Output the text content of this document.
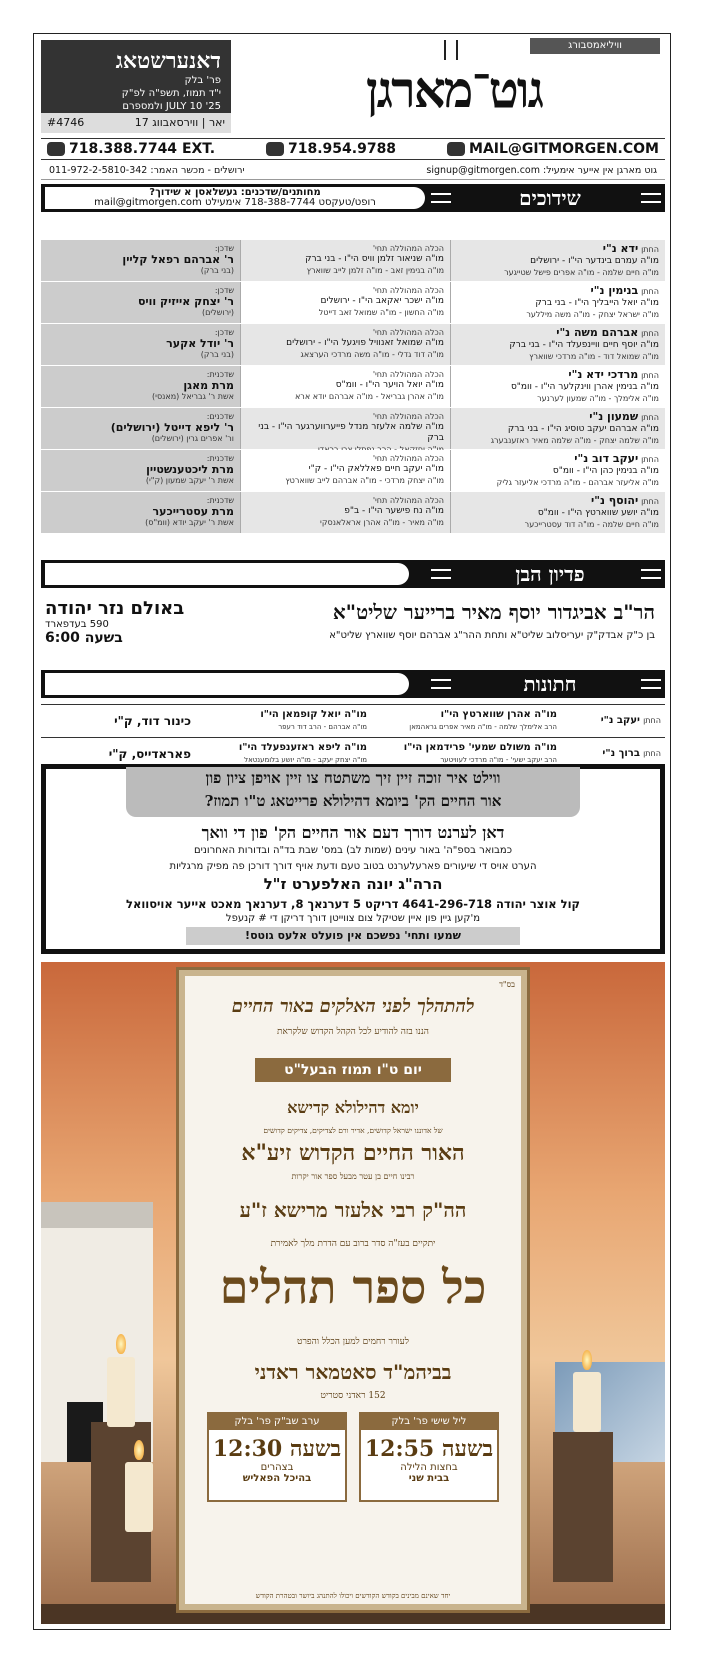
דאנערשטאג
פר' בלק
י"ד תמוז, תשפ"ה לפ"ק
JULY 10 '25 ולמספרם
#4746	17 יאר | ווירסאבווג
וויליאמסבורג
גוט־מארגן
718.388.7744 EXT.	718.954.9788	MAIL@GITMORGEN.COM
011-972-2-5810-342 :ירושלים - מכשר האמר	signup@gitmorgen.com :גוט מארגן אין אייער אימעיל
שידוכים
מחותנים/שדכנים: געשלאסן א שידוך?
רופט/טעקסט 718-388-7744 אימעילט mail@gitmorgen.com
החתן ידא נ"י
מו"ה עמרם בינדער הי"ו - ירושלים
מו"ה חיים שלמה - מו"ה אפרים פישל שטייגער
הכלה המהוללה תחי'
מו"ה שניאור זלמן וויס הי"ו - בני ברק
מו"ה בנימין זאב - מו"ה זלמן לייב שווארץ
שדכן:
ר' אברהם רפאל קליין
(בני ברק)
החתן בנימין נ"י
מו"ה יואל הייבליך הי"ו - בני ברק
מו"ה ישראל יצחק - מו"ה משה מיללער
הכלה המהוללה תחי'
מו"ה ישכר יאקאב הי"ו - ירושלים
מו"ה החשון - מו"ה שמואל זאב דייטל
שדכן:
ר' יצחק אייזיק וויס
(ירושלים)
החתן אברהם משה נ"י
מו"ה יוסף חיים וויינפעלד הי"ו - בני ברק
מו"ה שמואל דוד - מו"ה מרדכי שווארץ
הכלה המהוללה תחי'
מו"ה שמואל זאנוויל פויגעל הי"ו - ירושלים
מו"ה דוד גדלי - מו"ה משה מרדכי הערצאג
שדכן:
ר' יודל אקער
(בני ברק)
החתן מרדכי ידא נ"י
מו"ה בנימין אהרן ווינקלער הי"ו - וומ"ס
מו"ה אלימלך - מו"ה שמעון לערנער
הכלה המהוללה תחי'
מו"ה יואל הויער הי"ו - וומ"ס
מו"ה אהרן גבריאל - מו"ה אברהם יודא ארא
שדכנית:
מרת מאגן
אשת ר' גבריאל (מאנסי)
החתן שמעון נ"י
מו"ה אברהם יעקב טוסיג הי"ו - בני ברק
מו"ה שלמה יצחק - מו"ה שלמה מאיר ראזענבערג
הכלה המהוללה תחי'
מו"ה שלמה אלעזר מנדל פייערווערגער הי"ו - בני ברק
שדכנים:
ר' ליפא דייטל (ירושלים)
ור' אפרים גרין (ירושלים)
החתן יעקב דוב נ"י
מו"ה בנימין כהן הי"ו - וומ"ס
מו"ה אליעזר אברהם - מו"ה מרדכי אליעזר גליק
הכלה המהוללה תחי'
מו"ה יעקב חיים פאללאק הי"ו - ק"י
מו"ה יצחק מרדכי - מו"ה אברהם לייב שווארטץ
שדכנית:
מרת ליכטענשטיין
אשת ר' יעקב שמעון (ק"י)
החתן יהוסף נ"י
מו"ה יושע שווארטץ הי"ו - וומ"ס
מו"ה חיים שלמה - מו"ה דוד עסטרייכער
הכלה המהוללה תחי'
מו"ה נח פישער הי"ו - ב"פ
מו"ה מאיר - מו"ה אהרן אראלאנסקי
שדכנית:
מרת עסטרייכער
אשת ר' יעקב יודא (וומ"ס)
פדיון הבן
הר"ב אביגדור יוסף מאיר ברייער שליט"א
בן כ"ק אבדק"ק יעריסלוב שליט"א ותחת ההר"ג אברהם יוסף שווארץ שליט"א
באולם נזר יהודה
590 בעדפארד
בשעה 6:00
חתונות
החתן יעקב נ"י
מו"ה אהרן שווארטץ הי"ו
הרב אלימלך שלמה - מו"ה מאיר אפרים גראהמאן
מו"ה יואל קופמאן הי"ו
מו"ה אברהם - הרב דוד רעפר
כינור דוד, ק"י
החתן ברוך נ"י
מו"ה משולם שמעי' פרידמאן הי"ו
הרב יעקב ישעי' - מו"ה מרדכי לעוויטער
מו"ה ליפא ראזענפעלד הי"ו
מו"ה יצחק יעקב - מו"ה יושע בלומענטאל
פאראדייס, ק"י
ווילט איר זוכה זיין זיך משתטח צו זיין אויפן ציון פון
אור החיים הק' ביומא דהילולא פרייטאג ט"ו תמוז?
דאן לערנט דורך דעם אור החיים הק' פון די וואך
כמבואר בספ"ה' באור עינים (שמות לב) במס' שבת בד"ה ובדורות האחרונים
הערט אויס די שיעורים פארעלערנט בטוב טעם ודעת אויף דורך דורכן פה מפיק מרגליות
הרה"ג יונה האלפערט ז"ל
קול אוצר יהודה 4641-296-718 דריקט 5 דערנאך 8, דערנאך מאכט אייער אויסוואל
מ'קען גיין פון איין שטיקל צום צווייטן דורך דריקן די # קנעפל
שמעו ותחי' נפשכם אין פועלט אלעס גוטס!
בס"ד
להתהלך לפני האלקים באור החיים
הננו בזה להודיע לכל הקהל הקדוש שלקראת
יום ט"ו תמוז הבעל"ט
יומא דהילולא קדישא
של אדוננו ישראל קדושים, אדיר ורם לצדיקים, צדיקים קדושים
האור החיים הקדוש זיע"א
רבינו חיים בן עטר מבעל ספר אור יקרות
הה"ק רבי אלעזר מרישא ז"ע
יתקיים בעז"ה סדר ברוב עם הדרת מלך לאמירת
כל ספר תהלים
לעורר רחמים למען הכלל והפרט
בביהמ"ד סאטמאר ראדני
152 ראדני סטריט
ליל שישי פר' בלק
בשעה 12:55
בחצות הלילה
בבית שני
ערב שב"ק פר' בלק
בשעה 12:30
בצהרים
בהיכל הפאליש
יחד שאינם מבינים בקודש הקודשים ויכולו להתנהג ביושר ובטהרת הקודש
